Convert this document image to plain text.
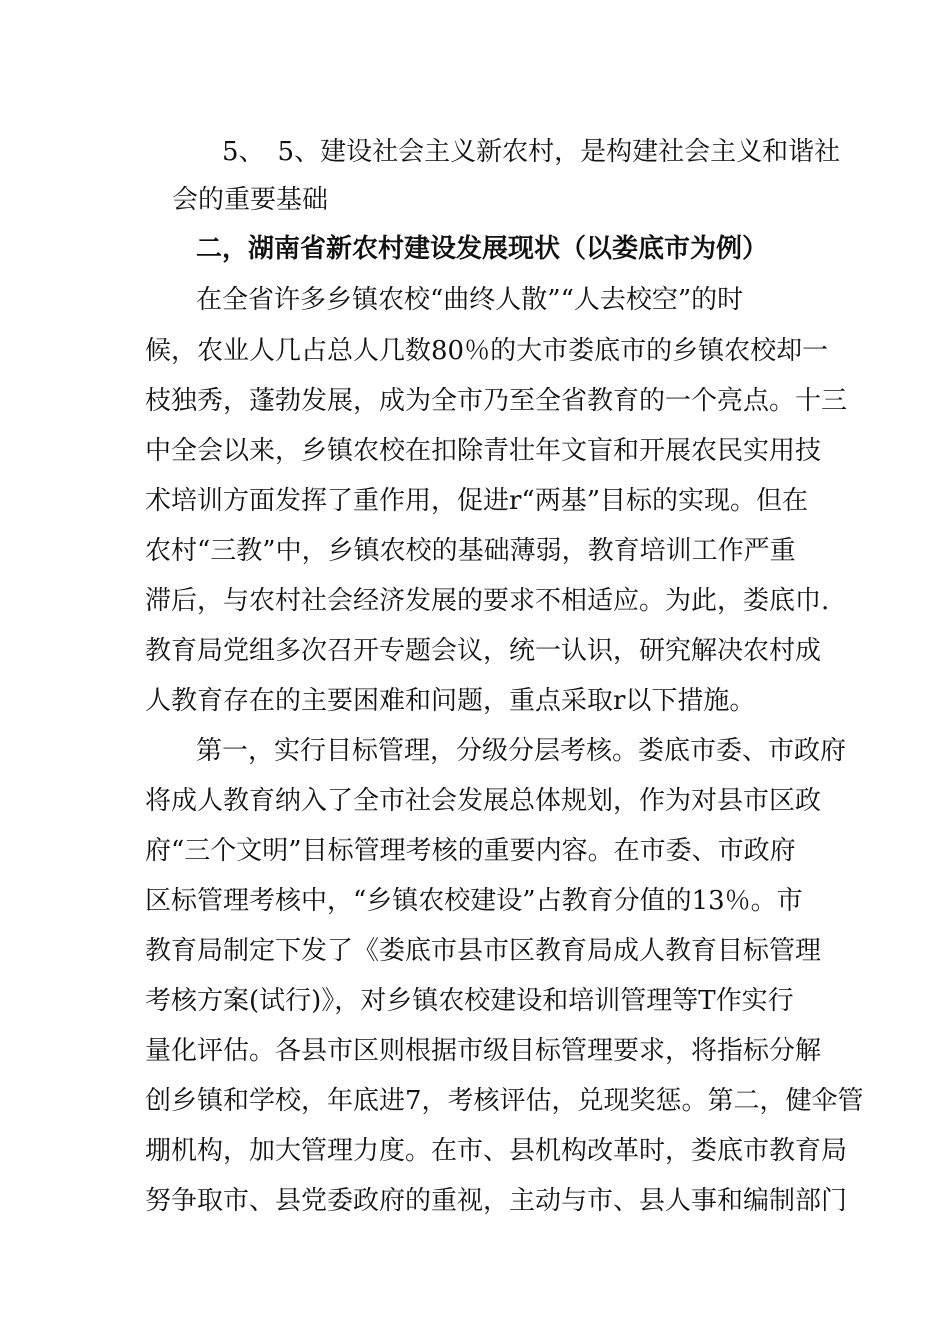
5、　5、建设社会主义新农村，是构建社会主义和谐社

会的重要基础

二，湖南省新农村建设发展现状（以娄底市为例）

在全省许多乡镇农校“曲终人散”“人去校空”的时

候，农业人几占总人几数80％的大市娄底市的乡镇农校却一

枝独秀，蓬勃发展，成为全市乃至全省教育的一个亮点。十三

中全会以来，乡镇农校在扣除青壮年文盲和开展农民实用技

术培训方面发挥了重作用，促进r“两基”目标的实现。但在

农村“三教”中，乡镇农校的基础薄弱，教育培训工作严重

滞后，与农村社会经济发展的要求不相适应。为此，娄底巾.

教育局党组多次召开专题会议，统一认识，研究解决农村成

人教育存在的主要困难和问题，重点采取r以下措施。

第一，实行目标管理，分级分层考核。娄底市委、市政府

将成人教育纳入了全市社会发展总体规划，作为对县市区政

府“三个文明”目标管理考核的重要内容。在市委、市政府

区标管理考核中，“乡镇农校建设”占教育分值的13％。市

教育局制定下发了《娄底市县市区教育局成人教育目标管理

考核方案(试行)》，对乡镇农校建设和培训管理等T作实行

量化评估。各县市区则根据市级目标管理要求，将指标分解

创乡镇和学校，年底进7，考核评估，兑现奖惩。第二，健伞管

堋机构，加大管理力度。在市、县机构改革时，娄底市教育局

努争取市、县党委政府的重视，主动与市、县人事和编制部门
